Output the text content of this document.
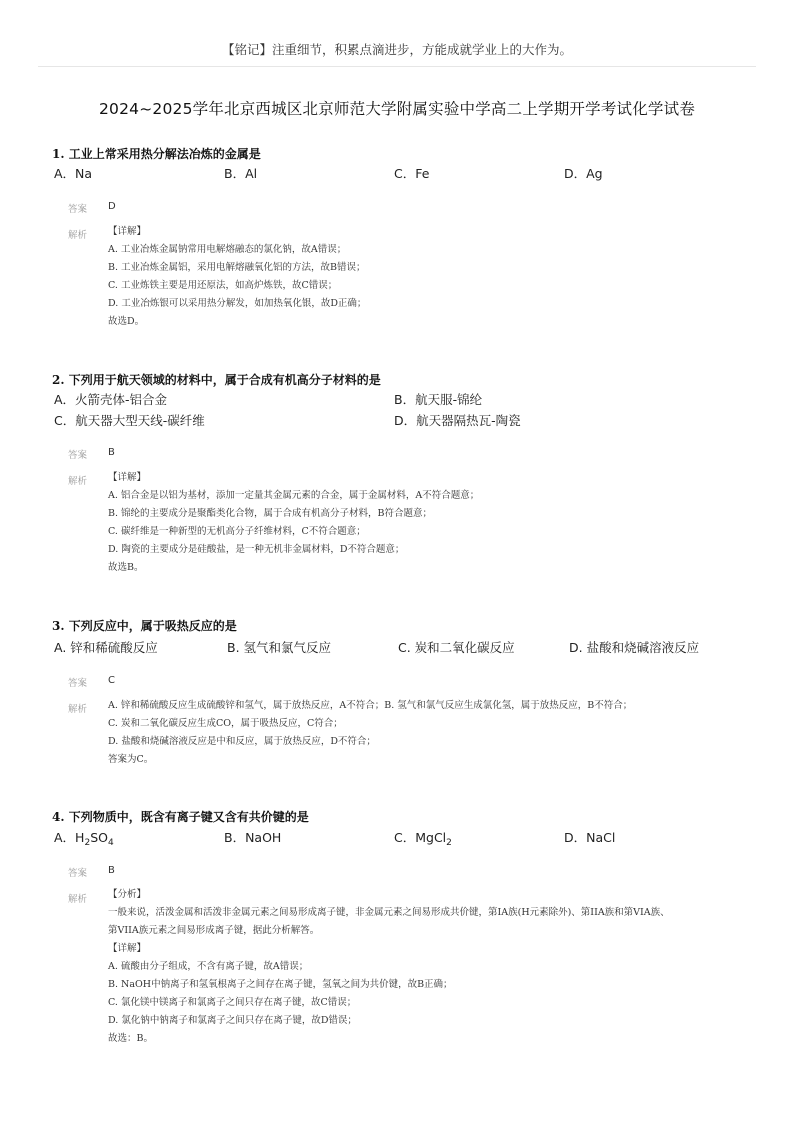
【铭记】注重细节，积累点滴进步，方能成就学业上的大作为。
2024~2025学年北京西城区北京师范大学附属实验中学高二上学期开学考试化学试卷
1. 工业上常采用热分解法冶炼的金属是
A．Na	B．Al	C．Fe	D．Ag
答案 D
解析 【详解】
A. 工业冶炼金属钠常用电解熔融态的氯化钠，故A错误；
B. 工业冶炼金属铝，采用电解熔融氧化铝的方法，故B错误；
C. 工业炼铁主要是用还原法，如高炉炼铁，故C错误；
D. 工业冶炼银可以采用热分解发，如加热氧化银，故D正确；
故选D。
2. 下列用于航天领域的材料中，属于合成有机高分子材料的是
A．火箭壳体-铝合金	B．航天服-锦纶
C．航天器大型天线-碳纤维	D．航天器隔热瓦-陶瓷
答案 B
解析 【详解】
A. 铝合金是以铝为基材，添加一定量其金属元素的合金，属于金属材料，A不符合题意；
B. 锦纶的主要成分是聚酯类化合物，属于合成有机高分子材料，B符合题意；
C. 碳纤维是一种新型的无机高分子纤维材料，C不符合题意；
D. 陶瓷的主要成分是硅酸盐，是一种无机非金属材料，D不符合题意；
故选B。
3. 下列反应中，属于吸热反应的是
A. 锌和稀硫酸反应	B. 氢气和氯气反应	C. 炭和二氧化碳反应	D. 盐酸和烧碱溶液反应
答案 C
解析 A. 锌和稀硫酸反应生成硫酸锌和氢气，属于放热反应，A不符合；B. 氢气和氯气反应生成氯化氢，属于放热反应，B不符合；
C. 炭和二氧化碳反应生成CO，属于吸热反应，C符合；
D. 盐酸和烧碱溶液反应是中和反应，属于放热反应，D不符合；
答案为C。
4. 下列物质中，既含有离子键又含有共价键的是
A．$H_2SO_4$	B．NaOH	C．MgCl$_2$	D．NaCl
答案 B
解析 【分析】
一般来说，活泼金属和活泼非金属元素之间易形成离子键，非金属元素之间易形成共价键，第IA族(H元素除外)、第IIA族和第VIA族、
第VIIA族元素之间易形成离子键，据此分析解答。
【详解】
A. 硫酸由分子组成，不含有离子键，故A错误；
B. NaOH中钠离子和氢氧根离子之间存在离子键，氢氧之间为共价键，故B正确；
C. 氯化镁中镁离子和氯离子之间只存在离子键，故C错误；
D. 氯化钠中钠离子和氯离子之间只存在离子键，故D错误；
故选：B。
